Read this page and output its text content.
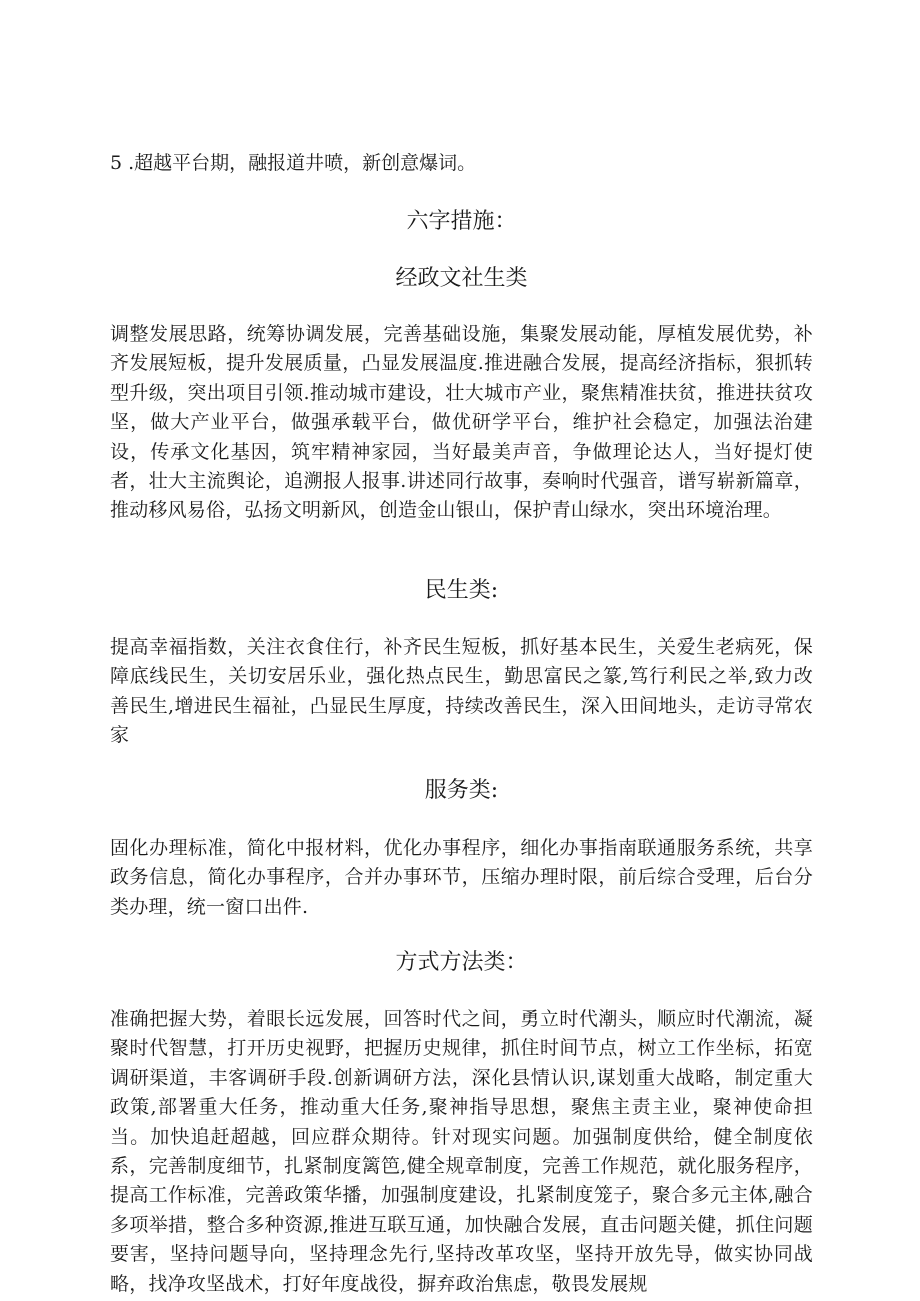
5 .超越平台期，融报道井喷，新创意爆词。
六字措施：
经政文社生类
调整发展思路，统筹协调发展，完善基础设施，集聚发展动能，厚植发展优势，补齐发展短板，提升发展质量，凸显发展温度.推进融合发展，提高经济指标，狠抓转型升级，突出项目引领.推动城市建设，壮大城市产业，聚焦精准扶贫，推进扶贫攻坚，做大产业平台，做强承载平台，做优研学平台，维护社会稳定，加强法治建设，传承文化基因，筑牢精神家园，当好最美声音，争做理论达人，当好提灯使者，壮大主流舆论，追溯报人报事.讲述同行故事，奏响时代强音，谱写崭新篇章，推动移风易俗，弘扬文明新风，创造金山银山，保护青山绿水，突出环境治理。
民生类:
提高幸福指数，关注衣食住行，补齐民生短板，抓好基本民生，关爱生老病死，保障底线民生，关切安居乐业，强化热点民生，勤思富民之篆,笃行利民之举,致力改善民生,增进民生福祉，凸显民生厚度，持续改善民生，深入田间地头，走访寻常农家
服务类:
固化办理标准，简化中报材料，优化办事程序，细化办事指南联通服务系统，共享政务信息，简化办事程序，合并办事环节，压缩办理时限，前后综合受理，后台分类办理，统一窗口出件.
方式方法类：
准确把握大势，着眼长远发展，回答时代之间，勇立时代潮头，顺应时代潮流，凝聚时代智慧，打开历史视野，把握历史规律，抓住时间节点，树立工作坐标，拓宽调研渠道，丰客调研手段.创新调研方法，深化县情认识,谋划重大战略，制定重大政策,部署重大任务，推动重大任务,聚神指导思想，聚焦主责主业，聚神使命担当。加快追赶超越，回应群众期待。针对现实问题。加强制度供给，健全制度依系，完善制度细节，扎紧制度篱笆,健全规章制度，完善工作规范，就化服务程序，提高工作标准，完善政策华播，加强制度建设，扎紧制度笼子，聚合多元主体,融合多项举措，整合多种资源,推进互联互通，加快融合发展，直击问题关健，抓住问题要害，坚持问题导向，坚持理念先行,坚持改革攻坚，坚持开放先导，做实协同战略，找净攻坚战术，打好年度战役，摒弃政治焦虑，敬畏发展规
